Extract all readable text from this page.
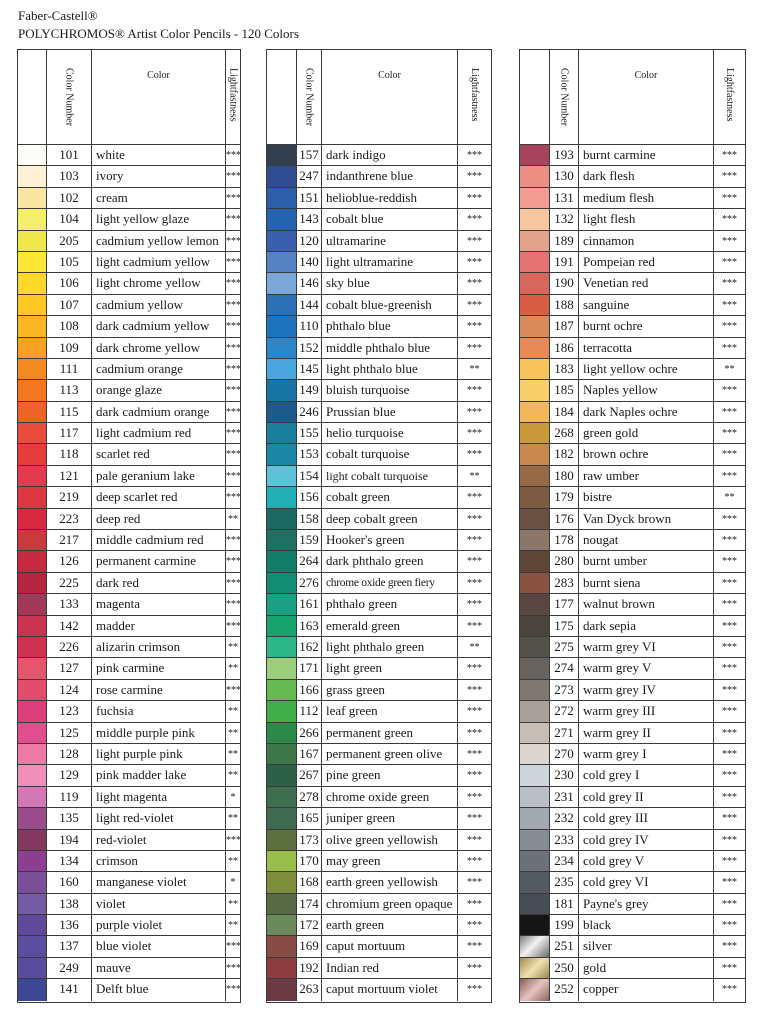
Faber-Castell®
POLYCHROMOS® Artist Color Pencils - 120 Colors
Color Number	Color	Lightfastness
101	white	***
103	ivory	***
102	cream	***
104	light yellow glaze	***
205	cadmium yellow lemon ***
105	light cadmium yellow	***
106	light chrome yellow	***
107	cadmium yellow	***
108	dark cadmium yellow	***
109	dark chrome yellow	***
111	cadmium orange	***
113	orange glaze	***
115	dark cadmium orange	***
117	light cadmium red	***
118	scarlet red	***
121	pale geranium lake	***
219	deep scarlet red	***
223	deep red	**
217	middle cadmium red	***
126	permanent carmine	***
225	dark red	***
133	magenta	***
142	madder	***
226	alizarin crimson	**
127	pink carmine	**
124	rose carmine	***
123	fuchsia	**
125	middle purple pink	**
128	light purple pink	**
129	pink madder lake	**
119	light magenta	*
135	light red-violet	**
194	red-violet	***
134	crimson	**
160	manganese violet	*
138	violet	**
136	purple violet	**
137	blue violet	***
249	mauve	***
141	Delft blue	***
Color Number	Color	Lightfastness
157 dark indigo	***
247 indanthrene blue	***
151 helioblue-reddish	***
143 cobalt blue	***
120 ultramarine	***
140 light ultramarine	***
146 sky blue	***
144 cobalt blue-greenish	***
110 phthalo blue	***
152 middle phthalo blue	***
145 light phthalo blue	**
149 bluish turquoise	***
246 Prussian blue	***
155 helio turquoise	***
153 cobalt turquoise	***
154 light cobalt turquoise	**
156 cobalt green	***
158 deep cobalt green	***
159 Hooker's green	***
264 dark phthalo green	***
276 chrome oxide green fiery	***
161 phthalo green	***
163 emerald green	***
162 light phthalo green	**
171 light green	***
166 grass green	***
112 leaf green	***
266 permanent green	***
167 permanent green olive	***
267 pine green	***
278 chrome oxide green	***
165 juniper green	***
173 olive green yellowish	***
170 may green	***
168 earth green yellowish	***
174 chromium green opaque	***
172 earth green	***
169 caput mortuum	***
192 Indian red	***
263 caput mortuum violet	***
Color Number	Color	Lightfastness
193 burnt carmine	***
130 dark flesh	***
131 medium flesh	***
132 light flesh	***
189 cinnamon	***
191 Pompeian red	***
190 Venetian red	***
188 sanguine	***
187 burnt ochre	***
186 terracotta	***
183 light yellow ochre	**
185 Naples yellow	***
184 dark Naples ochre	***
268 green gold	***
182 brown ochre	***
180 raw umber	***
179 bistre	**
176 Van Dyck brown	***
178 nougat	***
280 burnt umber	***
283 burnt siena	***
177 walnut brown	***
175 dark sepia	***
275 warm grey VI	***
274 warm grey V	***
273 warm grey IV	***
272 warm grey III	***
271 warm grey II	***
270 warm grey I	***
230 cold grey I	***
231 cold grey II	***
232 cold grey III	***
233 cold grey IV	***
234 cold grey V	***
235 cold grey VI	***
181 Payne's grey	***
199 black	***
251 silver	***
250 gold	***
252 copper	***
